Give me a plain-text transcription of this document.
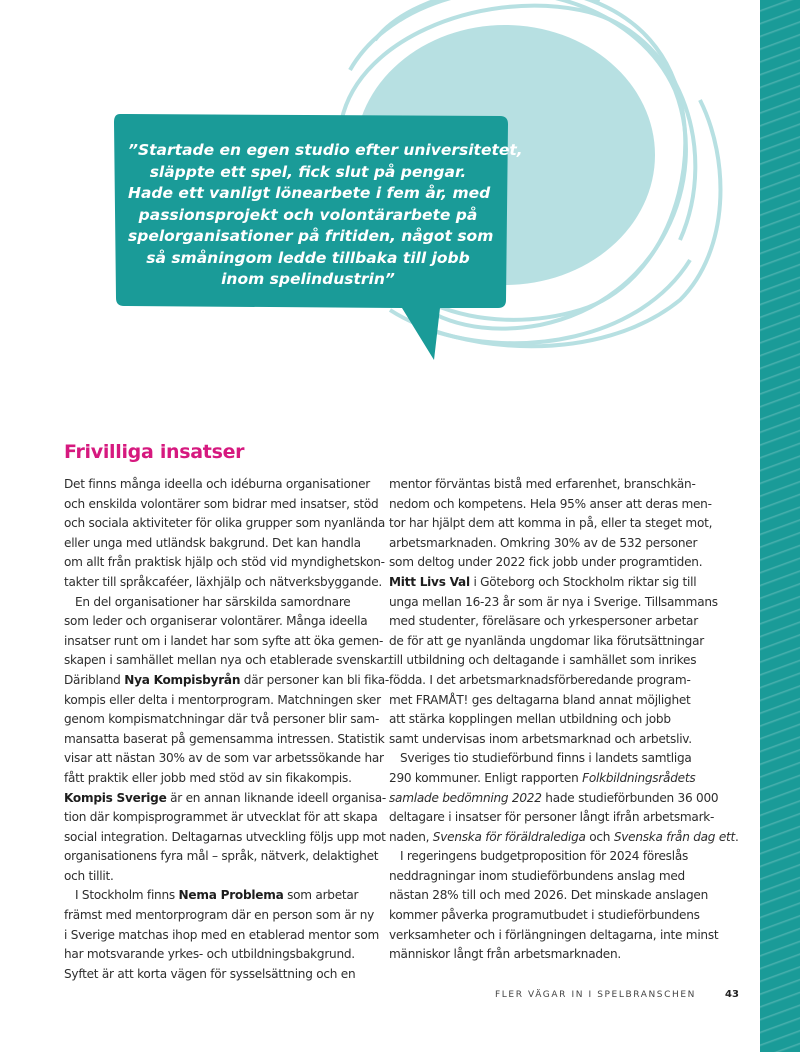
”Startade en egen studio efter universitetet,
släppte ett spel, fick slut på pengar.
Hade ett vanligt lönearbete i fem år, med
passionsprojekt och volontärarbete på
spelorganisationer på fritiden, något som
så småningom ledde tillbaka till jobb
inom spelindustrin”
Frivilliga insatser

Det finns många ideella och idéburna organisationer
och enskilda volontärer som bidrar med insatser, stöd
och sociala aktiviteter för olika grupper som nyanlända
eller unga med utländsk bakgrund. Det kan handla
om allt från praktisk hjälp och stöd vid myndighetskon-
takter till språkcaféer, läxhjälp och nätverksbyggande.

En del organisationer har särskilda samordnare
som leder och organiserar volontärer. Många ideella
insatser runt om i landet har som syfte att öka gemen-
skapen i samhället mellan nya och etablerade svenskar.
Däribland Nya Kompisbyrån där personer kan bli fika-
kompis eller delta i mentorprogram. Matchningen sker
genom kompismatchningar där två personer blir sam-
mansatta baserat på gemensamma intressen. Statistik
visar att nästan 30% av de som var arbetssökande har
fått praktik eller jobb med stöd av sin fikakompis.
Kompis Sverige är en annan liknande ideell organisa-
tion där kompisprogrammet är utvecklat för att skapa
social integration. Deltagarnas utveckling följs upp mot
organisationens fyra mål – språk, nätverk, delaktighet
och tillit.

I Stockholm finns Nema Problema som arbetar
främst med mentorprogram där en person som är ny
i Sverige matchas ihop med en etablerad mentor som
har motsvarande yrkes- och utbildningsbakgrund.
Syftet är att korta vägen för sysselsättning och en

mentor förväntas bistå med erfarenhet, branschkän-
nedom och kompetens. Hela 95% anser att deras men-
tor har hjälpt dem att komma in på, eller ta steget mot,
arbetsmarknaden. Omkring 30% av de 532 personer
som deltog under 2022 fick jobb under programtiden.
Mitt Livs Val i Göteborg och Stockholm riktar sig till
unga mellan 16-23 år som är nya i Sverige. Tillsammans
med studenter, föreläsare och yrkespersoner arbetar
de för att ge nyanlända ungdomar lika förutsättningar
till utbildning och deltagande i samhället som inrikes
födda. I det arbetsmarknadsförberedande program-
met FRAMÅT! ges deltagarna bland annat möjlighet
att stärka kopplingen mellan utbildning och jobb
samt undervisas inom arbetsmarknad och arbetsliv.

Sveriges tio studieförbund finns i landets samtliga
290 kommuner. Enligt rapporten Folkbildningsrådets
samlade bedömning 2022 hade studieförbunden 36 000
deltagare i insatser för personer långt ifrån arbetsmark-
naden, Svenska för föräldralediga och Svenska från dag ett.

I regeringens budgetproposition för 2024 föreslås
neddragningar inom studieförbundens anslag med
nästan 28% till och med 2026. Det minskade anslagen
kommer påverka programutbudet i studieförbundens
verksamheter och i förlängningen deltagarna, inte minst
människor långt från arbetsmarknaden.

FLER VÄGAR IN I SPELBRANSCHEN	43
